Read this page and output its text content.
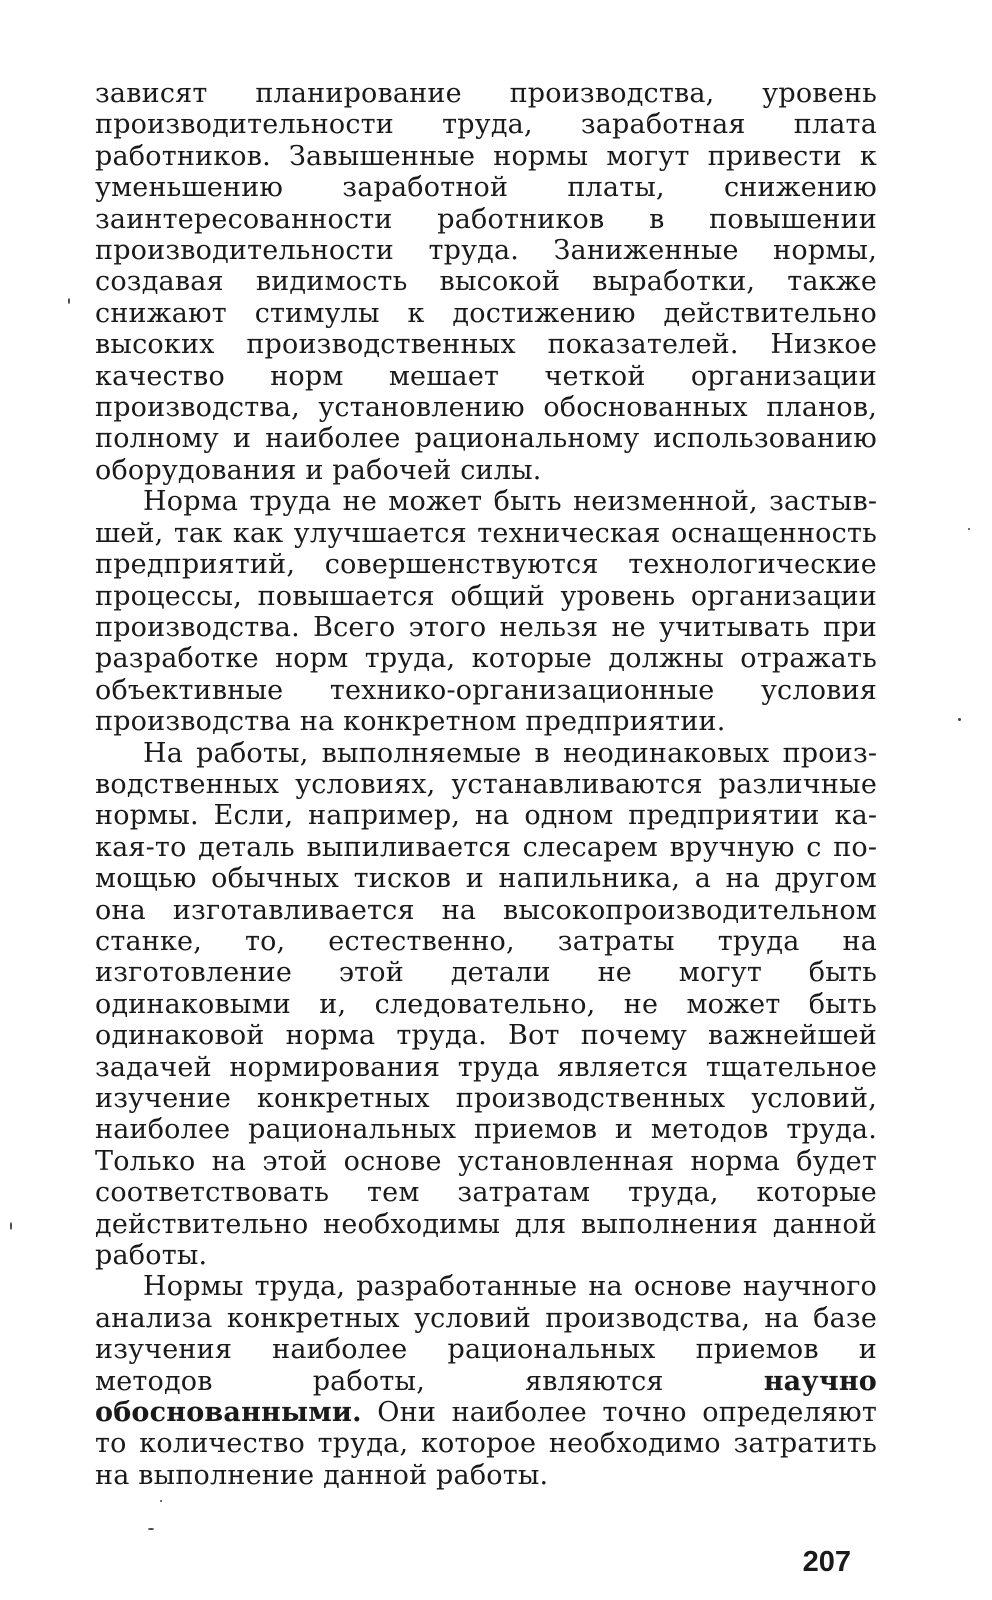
зависят планирование производства, уровень производительности труда, заработная плата работников. Завышенные нормы могут привести к уменьшению заработной платы, снижению заинтересованности работников в повышении производительности труда. Заниженные нормы, создавая видимость высокой выработки, также снижают стимулы к достижению действительно высоких производственных показателей. Низкое качество норм мешает четкой организации производства, установлению обоснованных планов, полному и наиболее рациональному использованию оборудования и рабочей силы.

Норма труда не может быть неизменной, застывшей, так как улучшается техническая оснащенность предприятий, совершенствуются технологические процессы, повышается общий уровень организации производства. Всего этого нельзя не учитывать при разработке норм труда, которые должны отражать объективные технико-организационные условия производства на конкретном предприятии.

На работы, выполняемые в неодинаковых производственных условиях, устанавливаются различные нормы. Если, например, на одном предприятии какая-то деталь выпиливается слесарем вручную с помощью обычных тисков и напильника, а на другом она изготавливается на высокопроизводительном станке, то, естественно, затраты труда на изготовление этой детали не могут быть одинаковыми и, следовательно, не может быть одинаковой норма труда. Вот почему важнейшей задачей нормирования труда является тщательное изучение конкретных производственных условий, наиболее рациональных приемов и методов труда. Только на этой основе установленная норма будет соответствовать тем затратам труда, которые действительно необходимы для выполнения данной работы.

Нормы труда, разработанные на основе научного анализа конкретных условий производства, на базе изучения наиболее рациональных приемов и методов работы, являются научно обоснованными. Они наиболее точно определяют то количество труда, которое необходимо затратить на выполнение данной работы.

207
